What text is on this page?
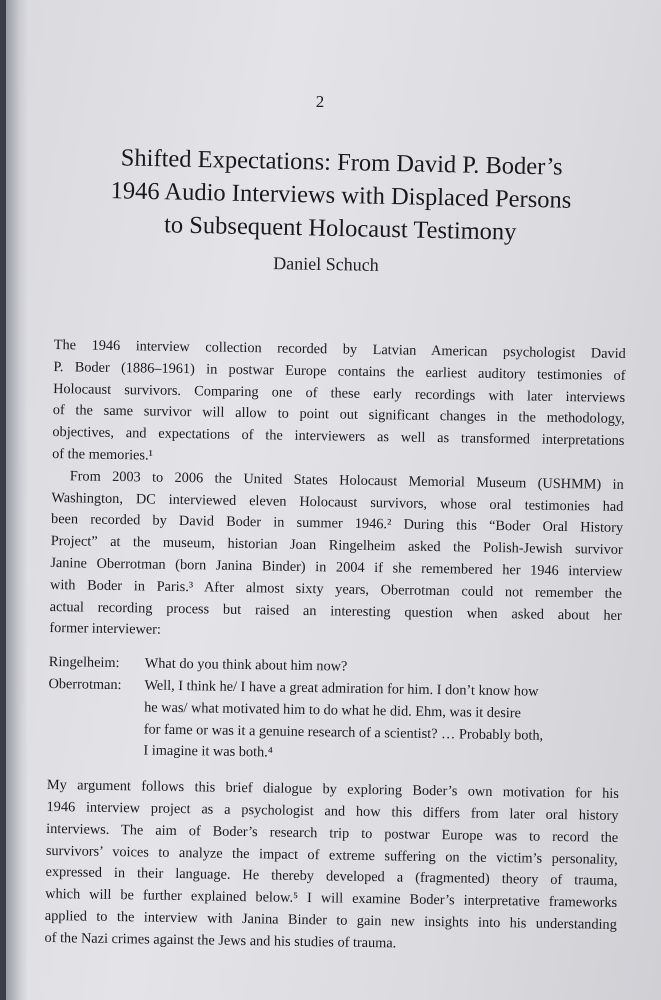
2
Shifted Expectations: From David P. Boder’s
1946 Audio Interviews with Displaced Persons
to Subsequent Holocaust Testimony
Daniel Schuch

The 1946 interview collection recorded by Latvian American psychologist David
P. Boder (1886–1961) in postwar Europe contains the earliest auditory testimonies of
Holocaust survivors. Comparing one of these early recordings with later interviews
of the same survivor will allow to point out significant changes in the methodology,
objectives, and expectations of the interviewers as well as transformed interpretations
of the memories.¹

From 2003 to 2006 the United States Holocaust Memorial Museum (USHMM) in
Washington, DC interviewed eleven Holocaust survivors, whose oral testimonies had
been recorded by David Boder in summer 1946.² During this “Boder Oral History
Project” at the museum, historian Joan Ringelheim asked the Polish-Jewish survivor
Janine Oberrotman (born Janina Binder) in 2004 if she remembered her 1946 interview
with Boder in Paris.³ After almost sixty years, Oberrotman could not remember the
actual recording process but raised an interesting question when asked about her
former interviewer:

Ringelheim:	What do you think about him now?
Oberrotman:	Well, I think he/ I have a great admiration for him. I don’t know how
he was/ what motivated him to do what he did. Ehm, was it desire
for fame or was it a genuine research of a scientist? … Probably both,
I imagine it was both.⁴

My argument follows this brief dialogue by exploring Boder’s own motivation for his
1946 interview project as a psychologist and how this differs from later oral history
interviews. The aim of Boder’s research trip to postwar Europe was to record the
survivors’ voices to analyze the impact of extreme suffering on the victim’s personality,
expressed in their language. He thereby developed a (fragmented) theory of trauma,
which will be further explained below.⁵ I will examine Boder’s interpretative frameworks
applied to the interview with Janina Binder to gain new insights into his understanding
of the Nazi crimes against the Jews and his studies of trauma.
